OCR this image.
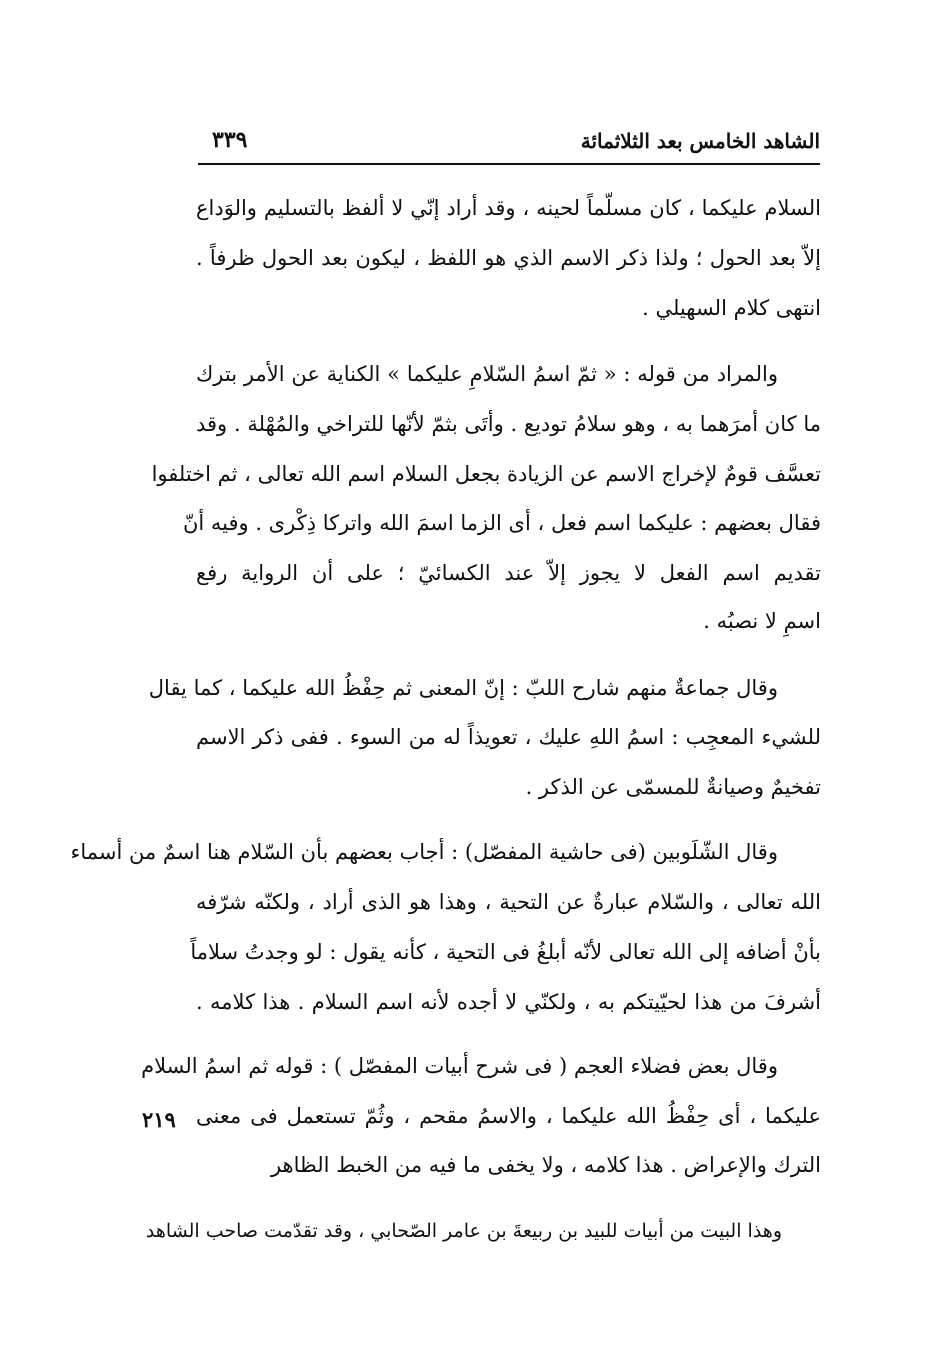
الشاهد الخامس بعد الثلاثمائة
٣٣٩
السلام عليكما ، كان مسلّماً لحينه ، وقد أراد إنّي لا ألفظ بالتسليم والوَداع
إلاّ بعد الحول ؛ ولذا ذكر الاسم الذي هو اللفظ ، ليكون بعد الحول ظرفاً .
انتهى كلام السهيلي .
والمراد من قوله : « ثمّ اسمُ السّلامِ عليكما » الكناية عن الأمر بترك
ما كان أمرَهما به ، وهو سلامُ توديع . وأتَى بثمّ لأنّها للتراخي والمُهْلة . وقد
تعسَّف قومٌ لإخراج الاسم عن الزيادة بجعل السلام اسم الله تعالى ، ثم اختلفوا
فقال بعضهم : عليكما اسم فعل ، أى الزما اسمَ الله واتركا ذِكْرى . وفيه أنّ
تقديم اسم الفعل لا يجوز إلاّ عند الكسائيّ ؛ على أن الرواية رفع
اسمِ لا نصبُه .
وقال جماعةٌ منهم شارح اللبّ : إنّ المعنى ثم حِفْظُ الله عليكما ، كما يقال
للشيء المعجِب : اسمُ اللهِ عليك ، تعويذاً له من السوء . ففى ذكر الاسم
تفخيمٌ وصيانةٌ للمسمّى عن الذكر .
وقال الشّلَوبين (فى حاشية المفصّل) : أجاب بعضهم بأن السّلام هنا اسمٌ من أسماء
الله تعالى ، والسّلام عبارةٌ عن التحية ، وهذا هو الذى أراد ، ولكنّه شرّفه
بأنْ أضافه إلى الله تعالى لأنّه أبلغُ فى التحية ، كأنه يقول : لو وجدتُ سلاماً
أشرفَ من هذا لحيّيتكم به ، ولكنّي لا أجده لأنه اسم السلام . هذا كلامه .
وقال بعض فضلاء العجم ( فى شرح أبيات المفصّل ) : قوله ثم اسمُ السلام
عليكما ، أى حِفْظُ الله عليكما ، والاسمُ مقحم ، وثُمّ تستعمل فى معنى
الترك والإعراض . هذا كلامه ، ولا يخفى ما فيه من الخبط الظاهر
٢١٩
وهذا البيت من أبيات للبيد بن ربيعةَ بن عامر الصّحابي ، وقد تقدّمت صاحب الشاهد
